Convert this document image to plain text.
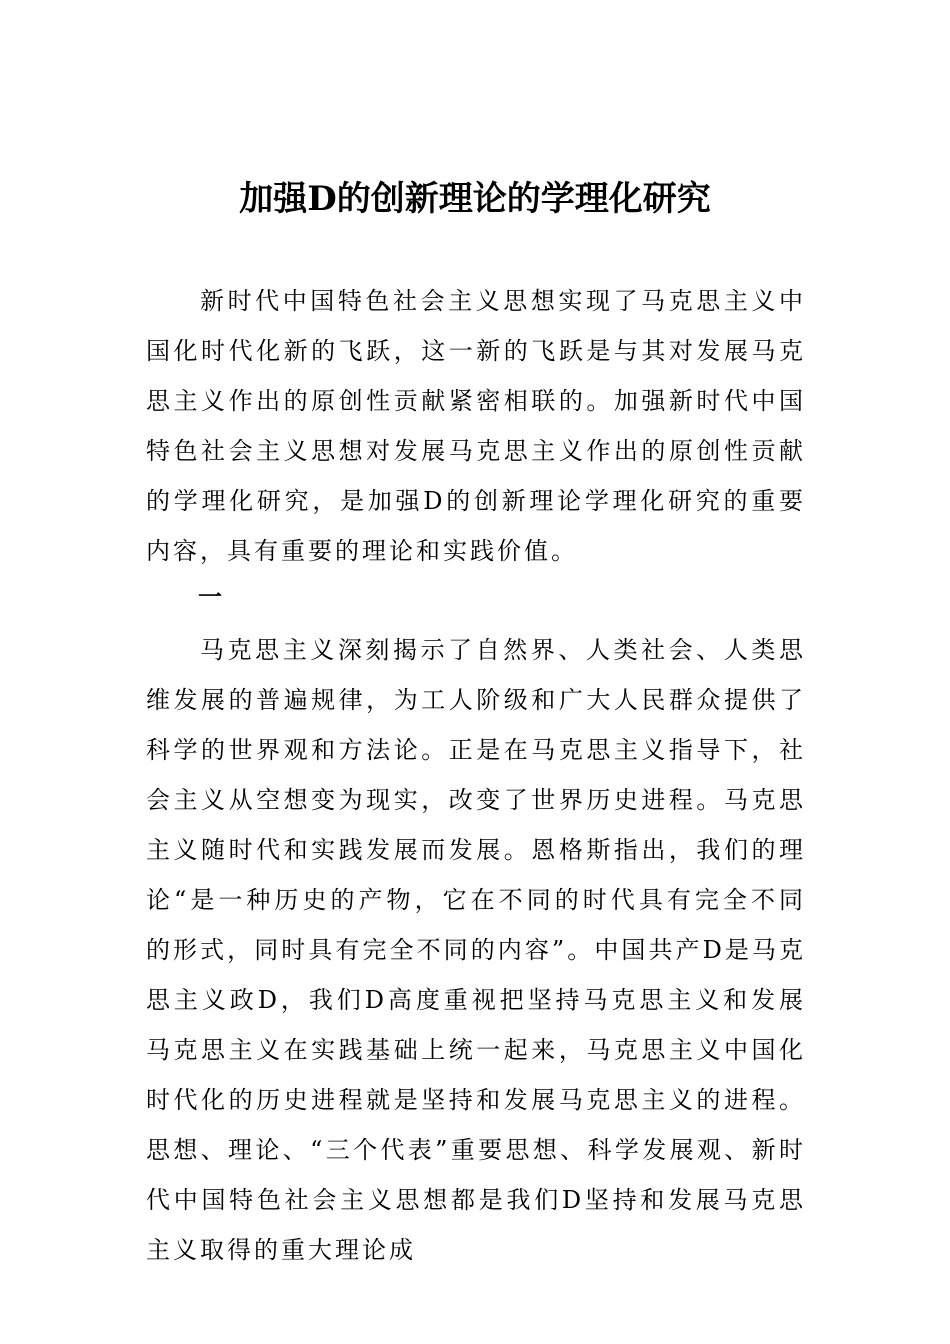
加强D的创新理论的学理化研究

新时代中国特色社会主义思想实现了马克思主义中国化时代化新的飞跃，这一新的飞跃是与其对发展马克思主义作出的原创性贡献紧密相联的。加强新时代中国特色社会主义思想对发展马克思主义作出的原创性贡献的学理化研究，是加强D的创新理论学理化研究的重要内容，具有重要的理论和实践价值。

一

马克思主义深刻揭示了自然界、人类社会、人类思维发展的普遍规律，为工人阶级和广大人民群众提供了科学的世界观和方法论。正是在马克思主义指导下，社会主义从空想变为现实，改变了世界历史进程。马克思主义随时代和实践发展而发展。恩格斯指出，我们的理论“是一种历史的产物，它在不同的时代具有完全不同的形式，同时具有完全不同的内容”。中国共产D是马克思主义政D，我们D高度重视把坚持马克思主义和发展马克思主义在实践基础上统一起来，马克思主义中国化时代化的历史进程就是坚持和发展马克思主义的进程。思想、理论、“三个代表”重要思想、科学发展观、新时代中国特色社会主义思想都是我们D坚持和发展马克思主义取得的重大理论成
